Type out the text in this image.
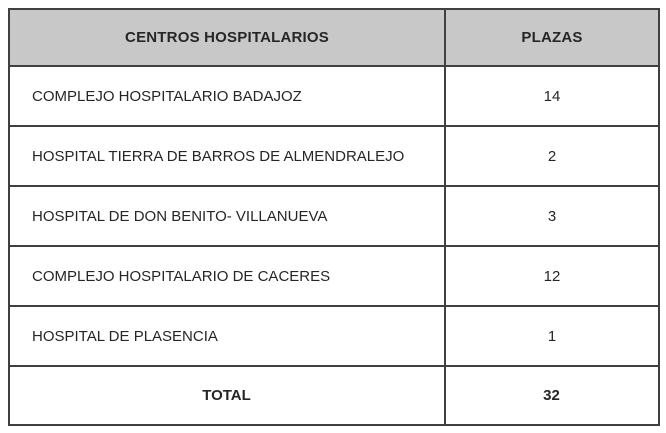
CENTROS HOSPITALARIOS	PLAZAS
COMPLEJO HOSPITALARIO BADAJOZ	14
HOSPITAL TIERRA DE BARROS DE ALMENDRALEJO	2
HOSPITAL DE DON BENITO- VILLANUEVA	3
COMPLEJO HOSPITALARIO DE CACERES	12
HOSPITAL DE PLASENCIA	1
TOTAL	32
